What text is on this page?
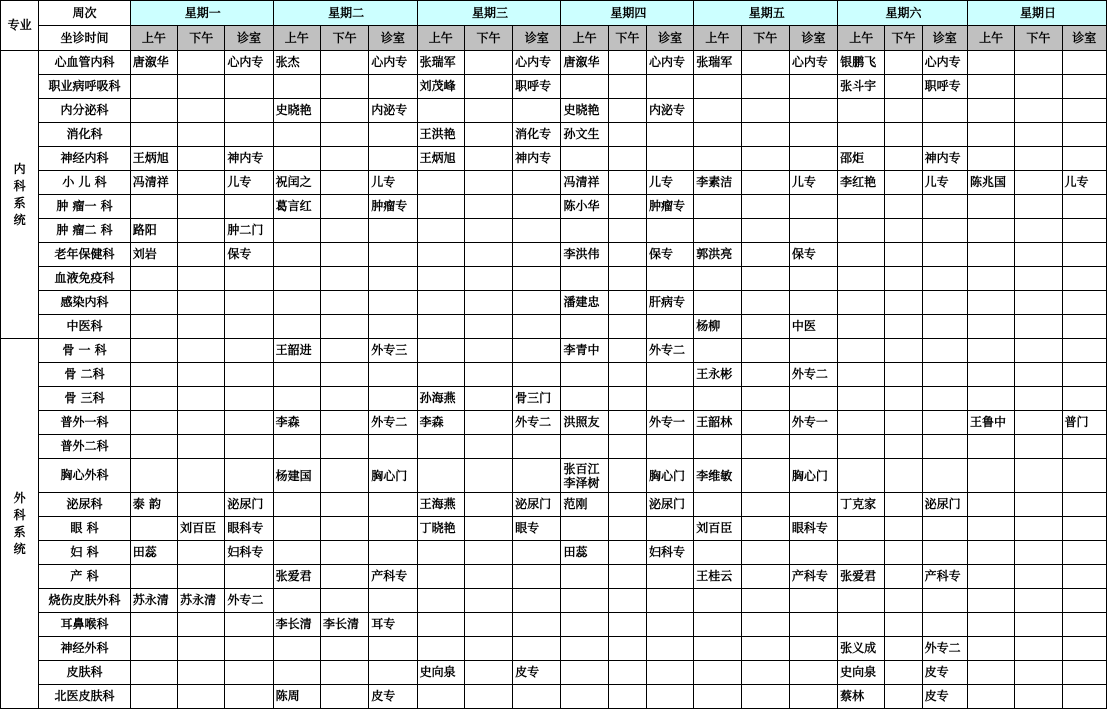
专业	周次	星期一			星期二			星期三			星期四			星期五			星期六			星期日		
	坐诊时间	上午	下午	诊室	上午	下午	诊室	上午	下午	诊室	上午	下午	诊室	上午	下午	诊室	上午	下午	诊室	上午	下午	诊室
内科系统	心血管内科	唐溆华		心内专	张杰		心内专	张瑞军		心内专	唐溆华		心内专	张瑞军		心内专	银鹏飞		心内专			
	职业病呼吸科							刘茂峰		职呼专							张斗宇		职呼专			
	内分泌科				史晓艳		内泌专				史晓艳		内泌专									
	消化科							王洪艳		消化专	孙文生											
	神经内科	王炳旭		神内专				王炳旭		神内专							邵炬		神内专			
	小 儿 科	冯清祥		儿专	祝闰之		儿专				冯清祥		儿专	李素洁		儿专	李红艳		儿专	陈兆国		儿专
	肿 瘤一 科				葛言红		肿瘤专				陈小华		肿瘤专									
	肿 瘤二 科	路阳		肿二门																		
	老年保健科	刘岩		保专							李洪伟		保专	郭洪亮		保专						
	血液免疫科																					
	感染内科										潘建忠		肝病专									
	中医科													杨柳		中医						
外科系统	骨 一 科				王韶进		外专三				李青中		外专二									
	骨 二科													王永彬		外专二						
	骨 三科							孙海燕		骨三门												
	普外一科				李森		外专二	李森		外专二	洪照友		外专一	王韶林		外专一				王鲁中		普门
	普外二科																					
	胸心外科				杨建国		胸心门				张百江 李泽树		胸心门	李维敏		胸心门						
	泌尿科	泰 韵		泌尿门				王海燕		泌尿门	范刚		泌尿门				丁克家		泌尿门			
	眼 科		刘百臣	眼科专				丁晓艳		眼专				刘百臣		眼科专						
	妇 科	田蕊		妇科专							田蕊		妇科专									
	产 科				张爱君		产科专							王桂云		产科专	张爱君		产科专			
	烧伤皮肤外科	苏永清	苏永清	外专二																		
	耳鼻喉科				李长清	李长清	耳专															
	神经外科																张义成		外专二			
	皮肤科							史向泉		皮专							史向泉		皮专			
	北医皮肤科				陈周		皮专										蔡林		皮专			
